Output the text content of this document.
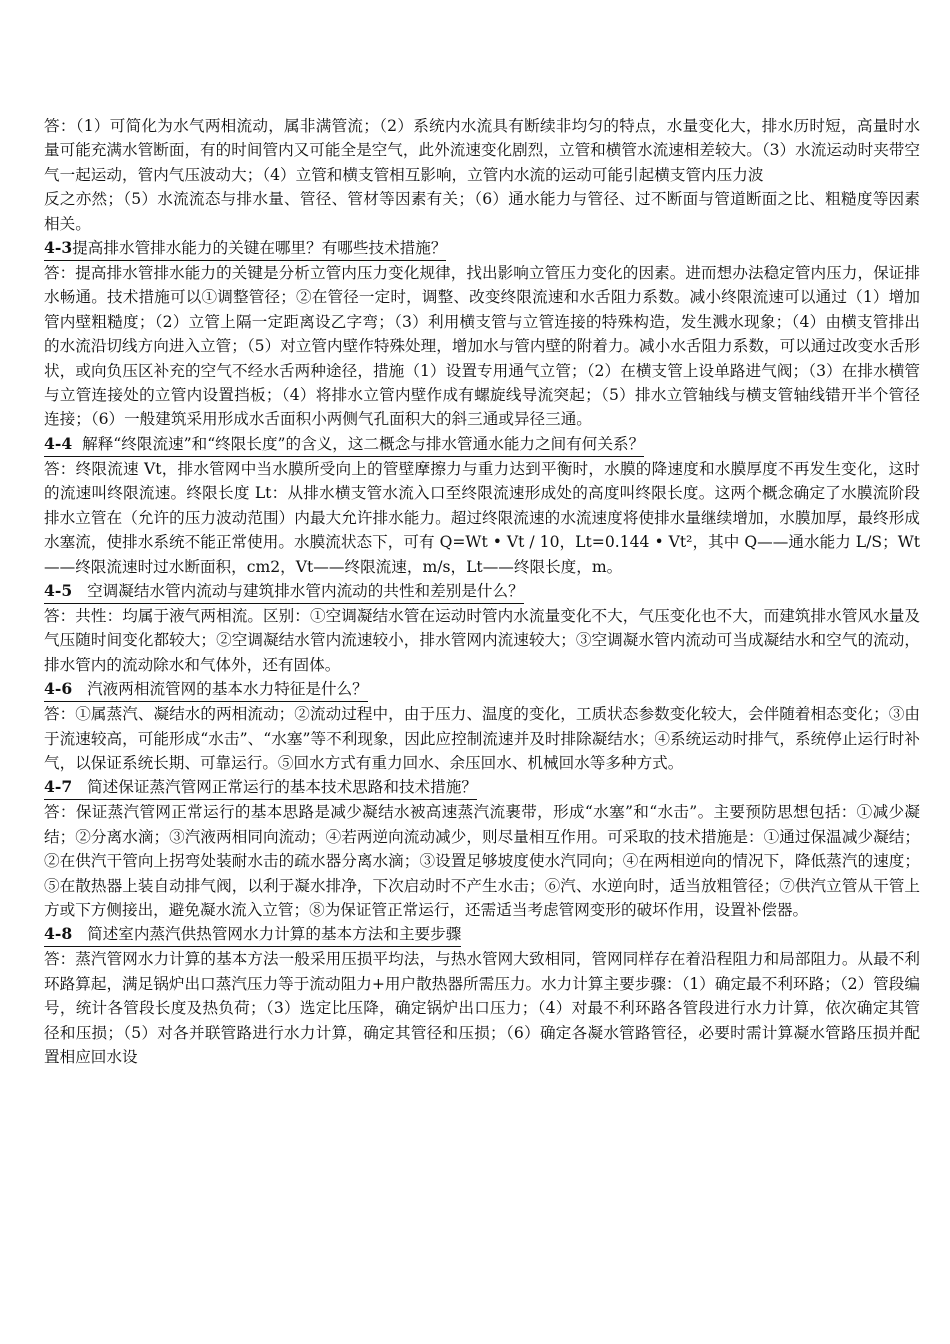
答：（1）可简化为水气两相流动，属非满管流；（2）系统内水流具有断续非均匀的特点，水量变化大，排水历时短，高量时水量可能充满水管断面，有的时间管内又可能全是空气，此外流速变化剧烈，立管和横管水流速相差较大。（3）水流运动时夹带空气一起运动，管内气压波动大；（4）立管和横支管相互影响，立管内水流的运动可能引起横支管内压力波

反之亦然；（5）水流流态与排水量、管径、管材等因素有关；（6）通水能力与管径、过不断面与管道断面之比、粗糙度等因素相关。

4-3提高排水管排水能力的关键在哪里？有哪些技术措施？

答：提高排水管排水能力的关键是分析立管内压力变化规律，找出影响立管压力变化的因素。进而想办法稳定管内压力，保证排水畅通。技术措施可以①调整管径；②在管径一定时，调整、改变终限流速和水舌阻力系数。减小终限流速可以通过（1）增加管内壁粗糙度；（2）立管上隔一定距离设乙字弯；（3）利用横支管与立管连接的特殊构造，发生溅水现象；（4）由横支管排出的水流沿切线方向进入立管；（5）对立管内壁作特殊处理，增加水与管内壁的附着力。减小水舌阻力系数，可以通过改变水舌形状，或向负压区补充的空气不经水舌两种途径，措施（1）设置专用通气立管；（2）在横支管上设单路进气阀；（3）在排水横管与立管连接处的立管内设置挡板；（4）将排水立管内壁作成有螺旋线导流突起；（5）排水立管轴线与横支管轴线错开半个管径连接；（6）一般建筑采用形成水舌面积小两侧气孔面积大的斜三通或异径三通。

4-4 解释“终限流速”和“终限长度”的含义，这二概念与排水管通水能力之间有何关系？

答：终限流速 Vt，排水管网中当水膜所受向上的管壁摩擦力与重力达到平衡时，水膜的降速度和水膜厚度不再发生变化，这时的流速叫终限流速。终限长度 Lt：从排水横支管水流入口至终限流速形成处的高度叫终限长度。这两个概念确定了水膜流阶段排水立管在（允许的压力波动范围）内最大允许排水能力。超过终限流速的水流速度将使排水量继续增加，水膜加厚，最终形成水塞流，使排水系统不能正常使用。水膜流状态下，可有 Q=Wt • Vt / 10，Lt=0.144 • Vt²，其中 Q——通水能力 L/S；Wt——终限流速时过水断面积，cm2，Vt——终限流速，m/s，Lt——终限长度，m。

4-5 空调凝结水管内流动与建筑排水管内流动的共性和差别是什么？

答：共性：均属于液气两相流。区别：①空调凝结水管在运动时管内水流量变化不大，气压变化也不大，而建筑排水管风水量及气压随时间变化都较大；②空调凝结水管内流速较小，排水管网内流速较大；③空调凝水管内流动可当成凝结水和空气的流动，排水管内的流动除水和气体外，还有固体。

4-6 汽液两相流管网的基本水力特征是什么？

答：①属蒸汽、凝结水的两相流动；②流动过程中，由于压力、温度的变化，工质状态参数变化较大，会伴随着相态变化；③由于流速较高，可能形成“水击”、“水塞”等不利现象，因此应控制流速并及时排除凝结水；④系统运动时排气，系统停止运行时补气，以保证系统长期、可靠运行。⑤回水方式有重力回水、余压回水、机械回水等多种方式。

4-7 简述保证蒸汽管网正常运行的基本技术思路和技术措施？

答：保证蒸汽管网正常运行的基本思路是减少凝结水被高速蒸汽流裹带，形成“水塞”和“水击”。主要预防思想包括：①减少凝结；②分离水滴；③汽液两相同向流动；④若两逆向流动减少，则尽量相互作用。可采取的技术措施是：①通过保温减少凝结；②在供汽干管向上拐弯处装耐水击的疏水器分离水滴；③设置足够坡度使水汽同向；④在两相逆向的情况下，降低蒸汽的速度；⑤在散热器上装自动排气阀，以利于凝水排净，下次启动时不产生水击；⑥汽、水逆向时，适当放粗管径；⑦供汽立管从干管上方或下方侧接出，避免凝水流入立管；⑧为保证管正常运行，还需适当考虑管网变形的破坏作用，设置补偿器。

4-8 简述室内蒸汽供热管网水力计算的基本方法和主要步骤

答：蒸汽管网水力计算的基本方法一般采用压损平均法，与热水管网大致相同，管网同样存在着沿程阻力和局部阻力。从最不利环路算起，满足锅炉出口蒸汽压力等于流动阻力+用户散热器所需压力。水力计算主要步骤：（1）确定最不利环路；（2）管段编号，统计各管段长度及热负荷；（3）选定比压降，确定锅炉出口压力；（4）对最不利环路各管段进行水力计算，依次确定其管径和压损；（5）对各并联管路进行水力计算，确定其管径和压损；（6）确定各凝水管路管径，必要时需计算凝水管路压损并配置相应回水设
